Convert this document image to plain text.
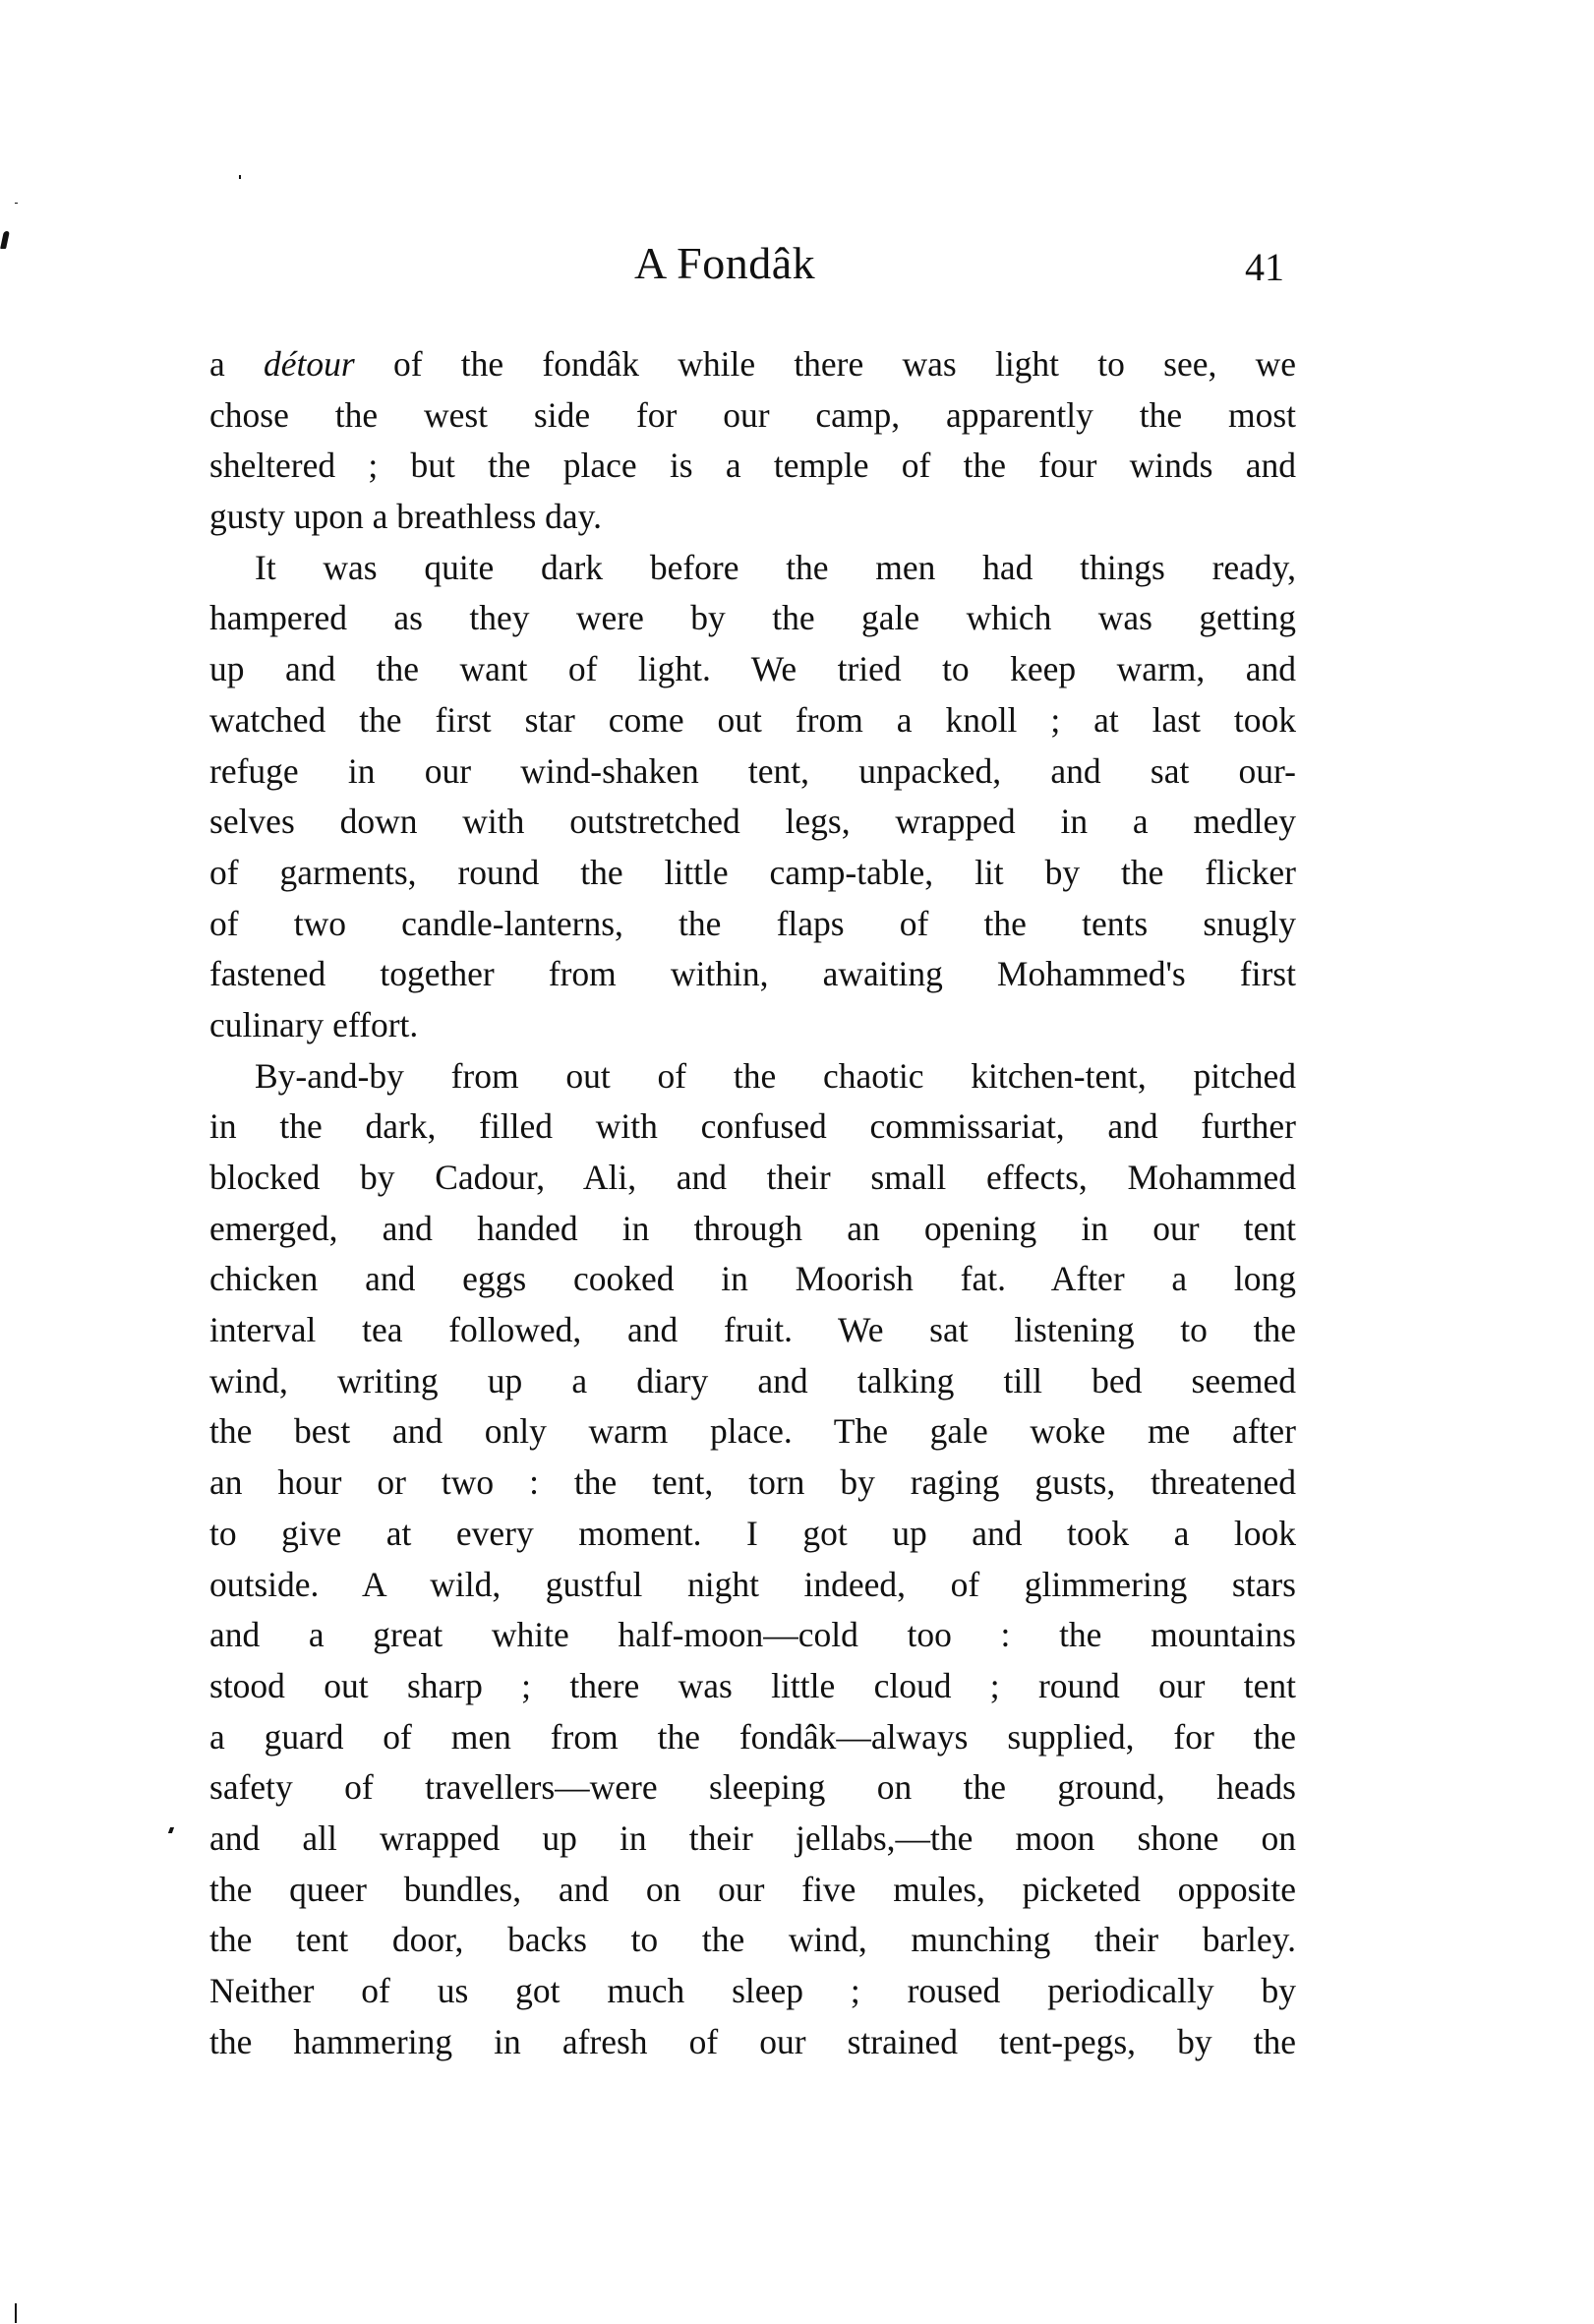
A Fondâk	41
a détour of the fondâk while there was light to see, we
chose the west side for our camp, apparently the most
sheltered ; but the place is a temple of the four winds and
gusty upon a breathless day.
It was quite dark before the men had things ready,
hampered as they were by the gale which was getting
up and the want of light. We tried to keep warm, and
watched the first star come out from a knoll ; at last took
refuge in our wind-shaken tent, unpacked, and sat our-
selves down with outstretched legs, wrapped in a medley
of garments, round the little camp-table, lit by the flicker
of two candle-lanterns, the flaps of the tents snugly
fastened together from within, awaiting Mohammed's first
culinary effort.
By-and-by from out of the chaotic kitchen-tent, pitched
in the dark, filled with confused commissariat, and further
blocked by Cadour, Ali, and their small effects, Mohammed
emerged, and handed in through an opening in our tent
chicken and eggs cooked in Moorish fat. After a long
interval tea followed, and fruit. We sat listening to the
wind, writing up a diary and talking till bed seemed
the best and only warm place. The gale woke me after
an hour or two : the tent, torn by raging gusts, threatened
to give at every moment. I got up and took a look
outside. A wild, gustful night indeed, of glimmering stars
and a great white half-moon—cold too : the mountains
stood out sharp ; there was little cloud ; round our tent
a guard of men from the fondâk—always supplied, for the
safety of travellers—were sleeping on the ground, heads
and all wrapped up in their jellabs,—the moon shone on
the queer bundles, and on our five mules, picketed opposite
the tent door, backs to the wind, munching their barley.
Neither of us got much sleep ; roused periodically by
the hammering in afresh of our strained tent-pegs, by the
